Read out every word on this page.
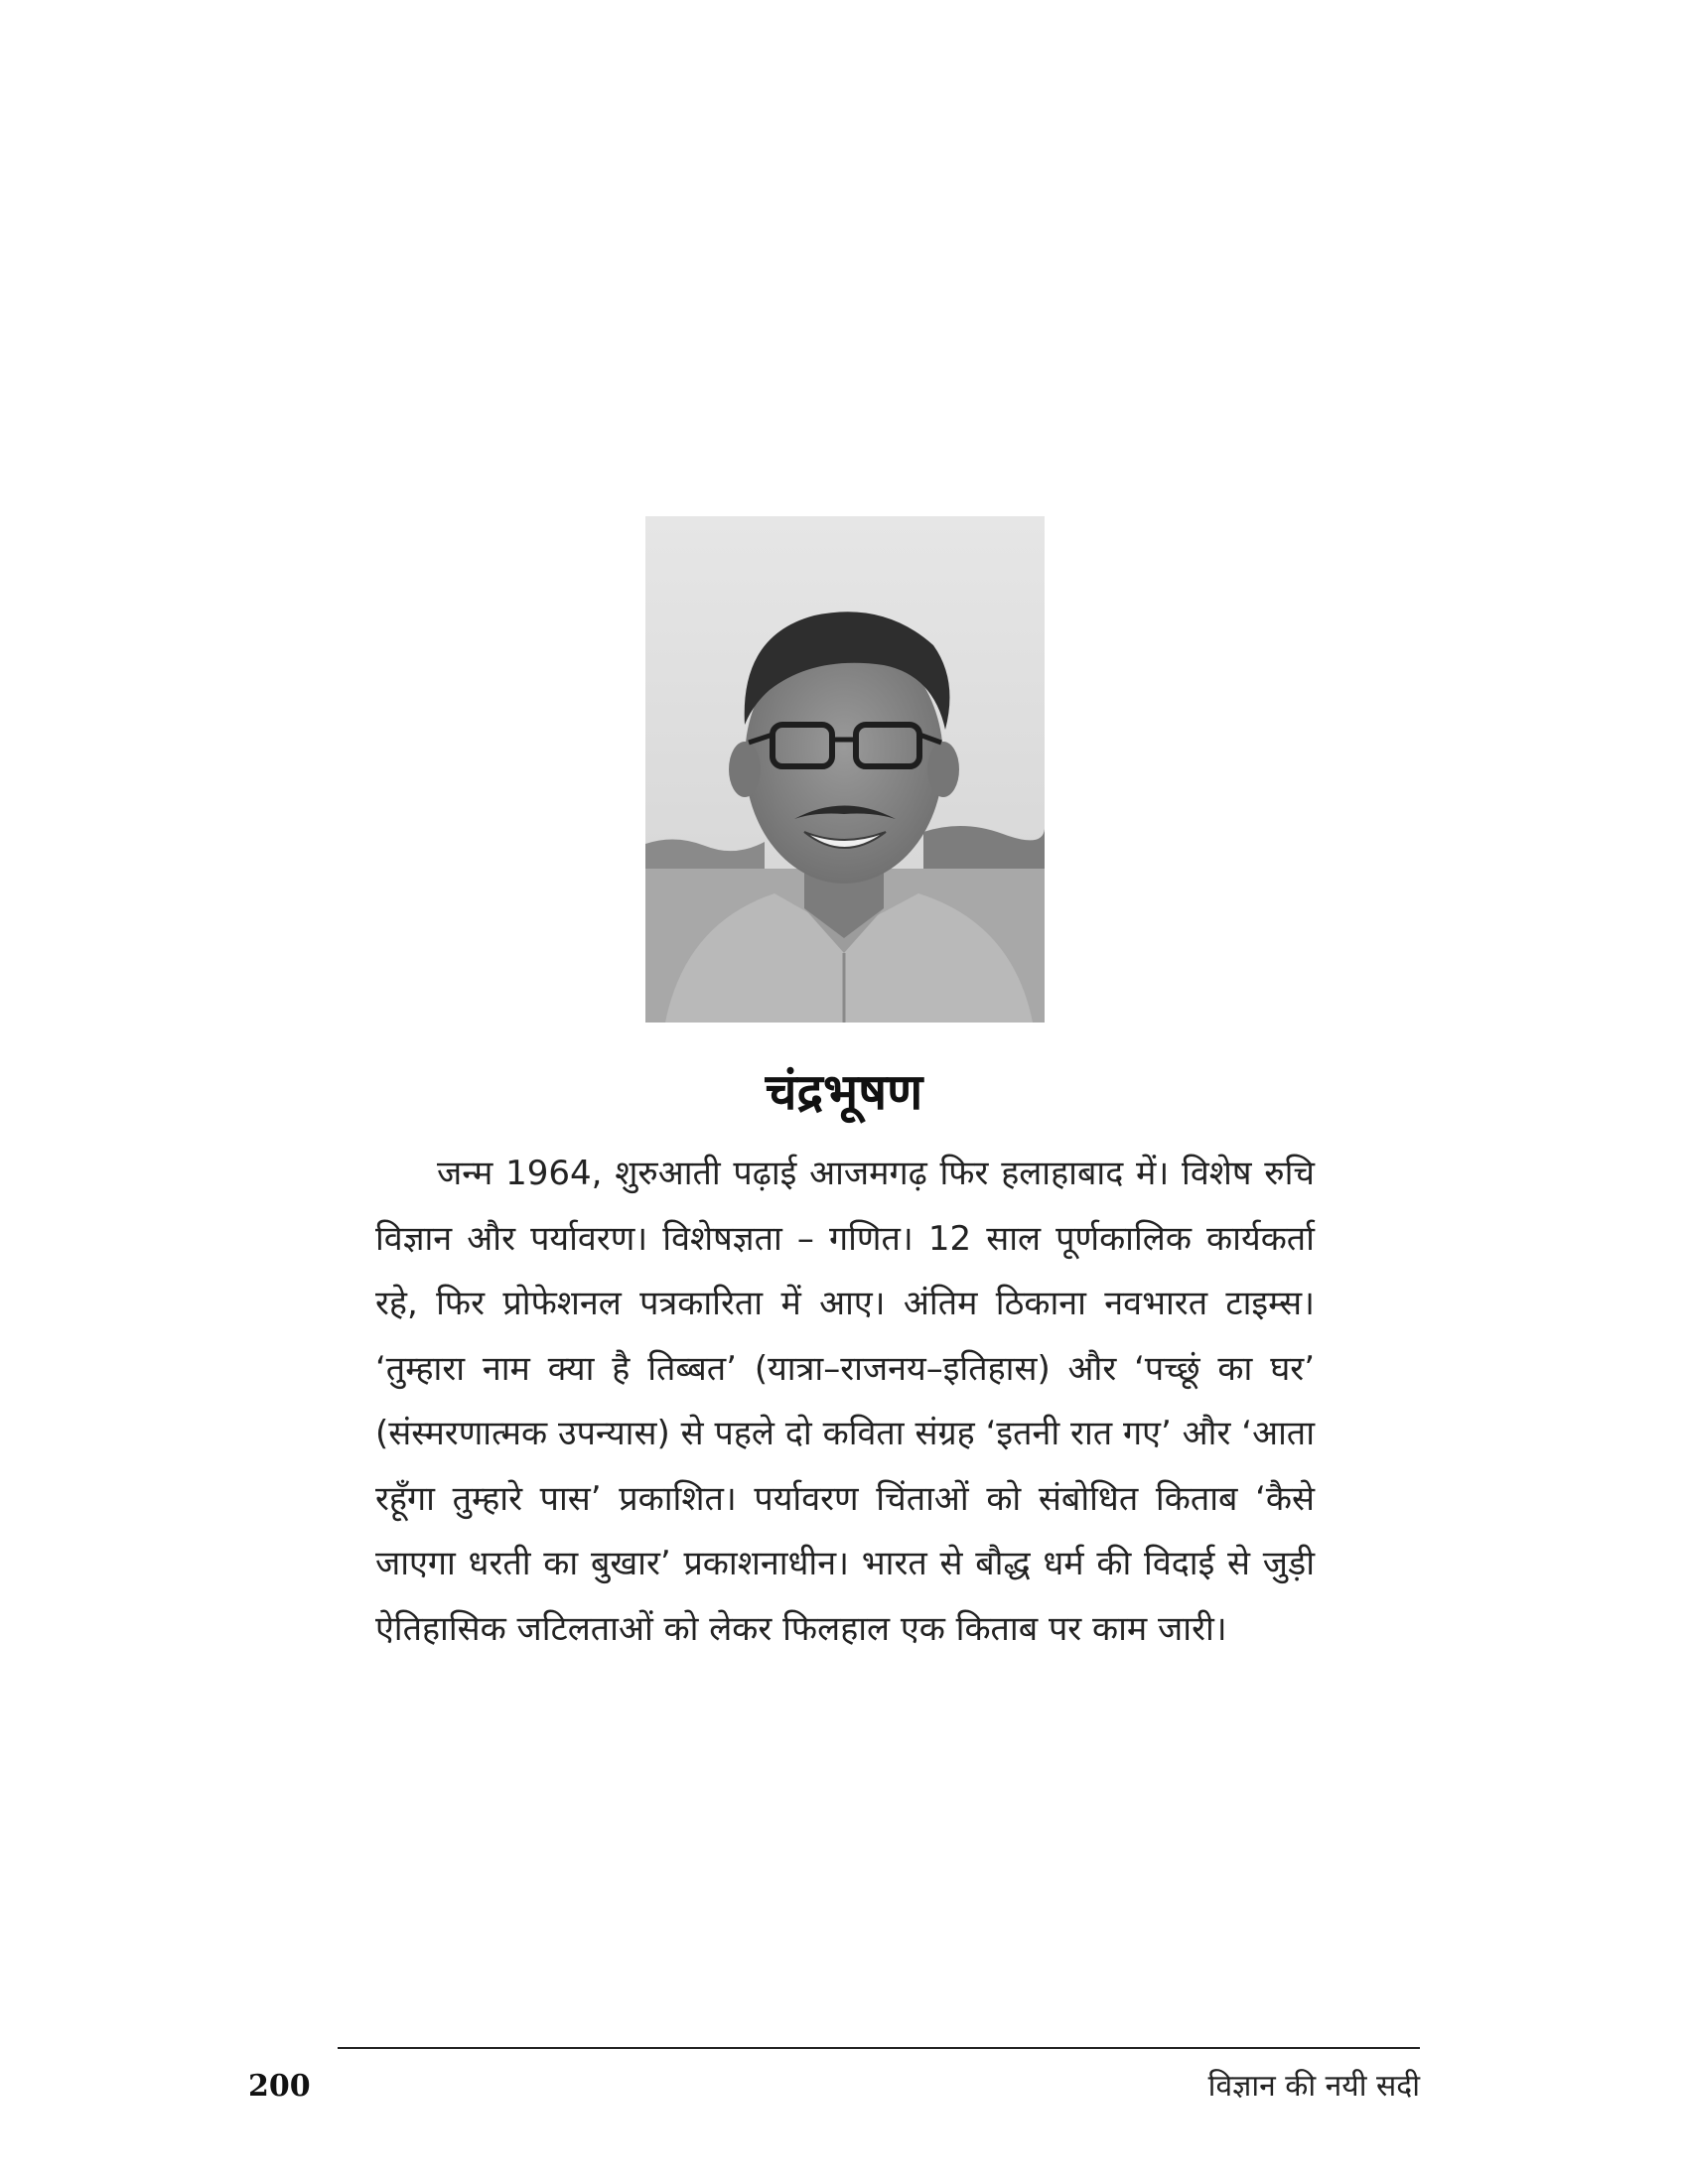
चंद्रभूषण

जन्म 1964, शुरुआती पढ़ाई आजमगढ़ फिर हलाहाबाद में। विशेष रुचि विज्ञान और पर्यावरण। विशेषज्ञता – गणित। 12 साल पूर्णकालिक कार्यकर्ता रहे, फिर प्रोफेशनल पत्रकारिता में आए। अंतिम ठिकाना नवभारत टाइम्स। ‘तुम्हारा नाम क्या है तिब्बत’ (यात्रा–राजनय–इतिहास) और ‘पच्छूं का घर’ (संस्मरणात्मक उपन्यास) से पहले दो कविता संग्रह ‘इतनी रात गए’ और ‘आता रहूँगा तुम्हारे पास’ प्रकाशित। पर्यावरण चिंताओं को संबोधित किताब ‘कैसे जाएगा धरती का बुखार’ प्रकाशनाधीन। भारत से बौद्ध धर्म की विदाई से जुड़ी ऐतिहासिक जटिलताओं को लेकर फिलहाल एक किताब पर काम जारी।

200	विज्ञान की नयी सदी
